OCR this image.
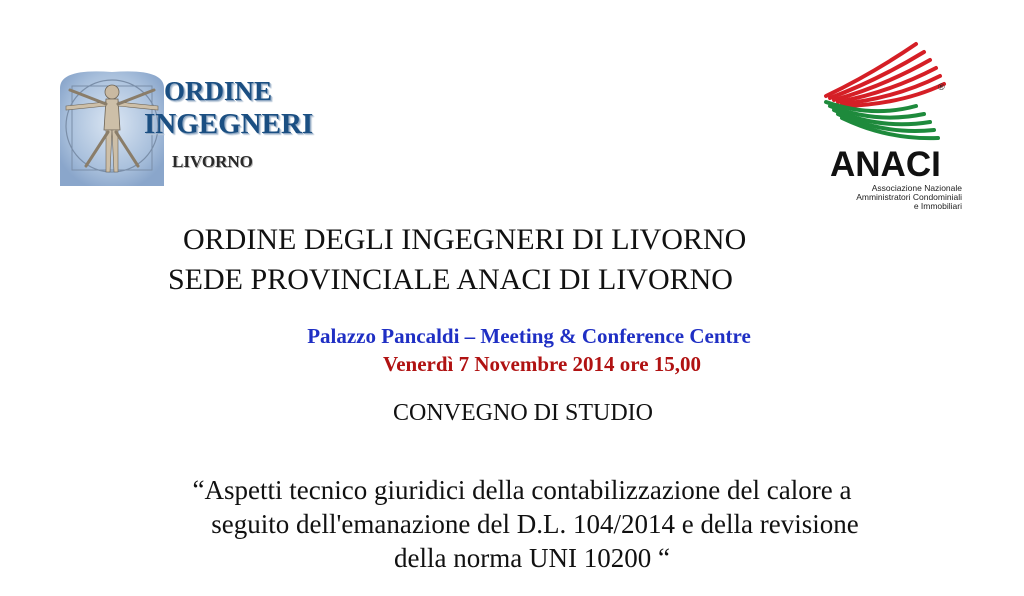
ORDINE
INGEGNERI
LIVORNO
®
ANACI
Associazione Nazionale
Amministratori Condominiali
e Immobiliari
ORDINE DEGLI INGEGNERI DI LIVORNO
SEDE PROVINCIALE ANACI DI LIVORNO
Palazzo Pancaldi – Meeting & Conference Centre
Venerdì 7 Novembre 2014 ore 15,00
CONVEGNO DI STUDIO
“Aspetti tecnico giuridici della contabilizzazione del calore a
seguito dell'emanazione del D.L. 104/2014 e della revisione
della norma UNI 10200 “
